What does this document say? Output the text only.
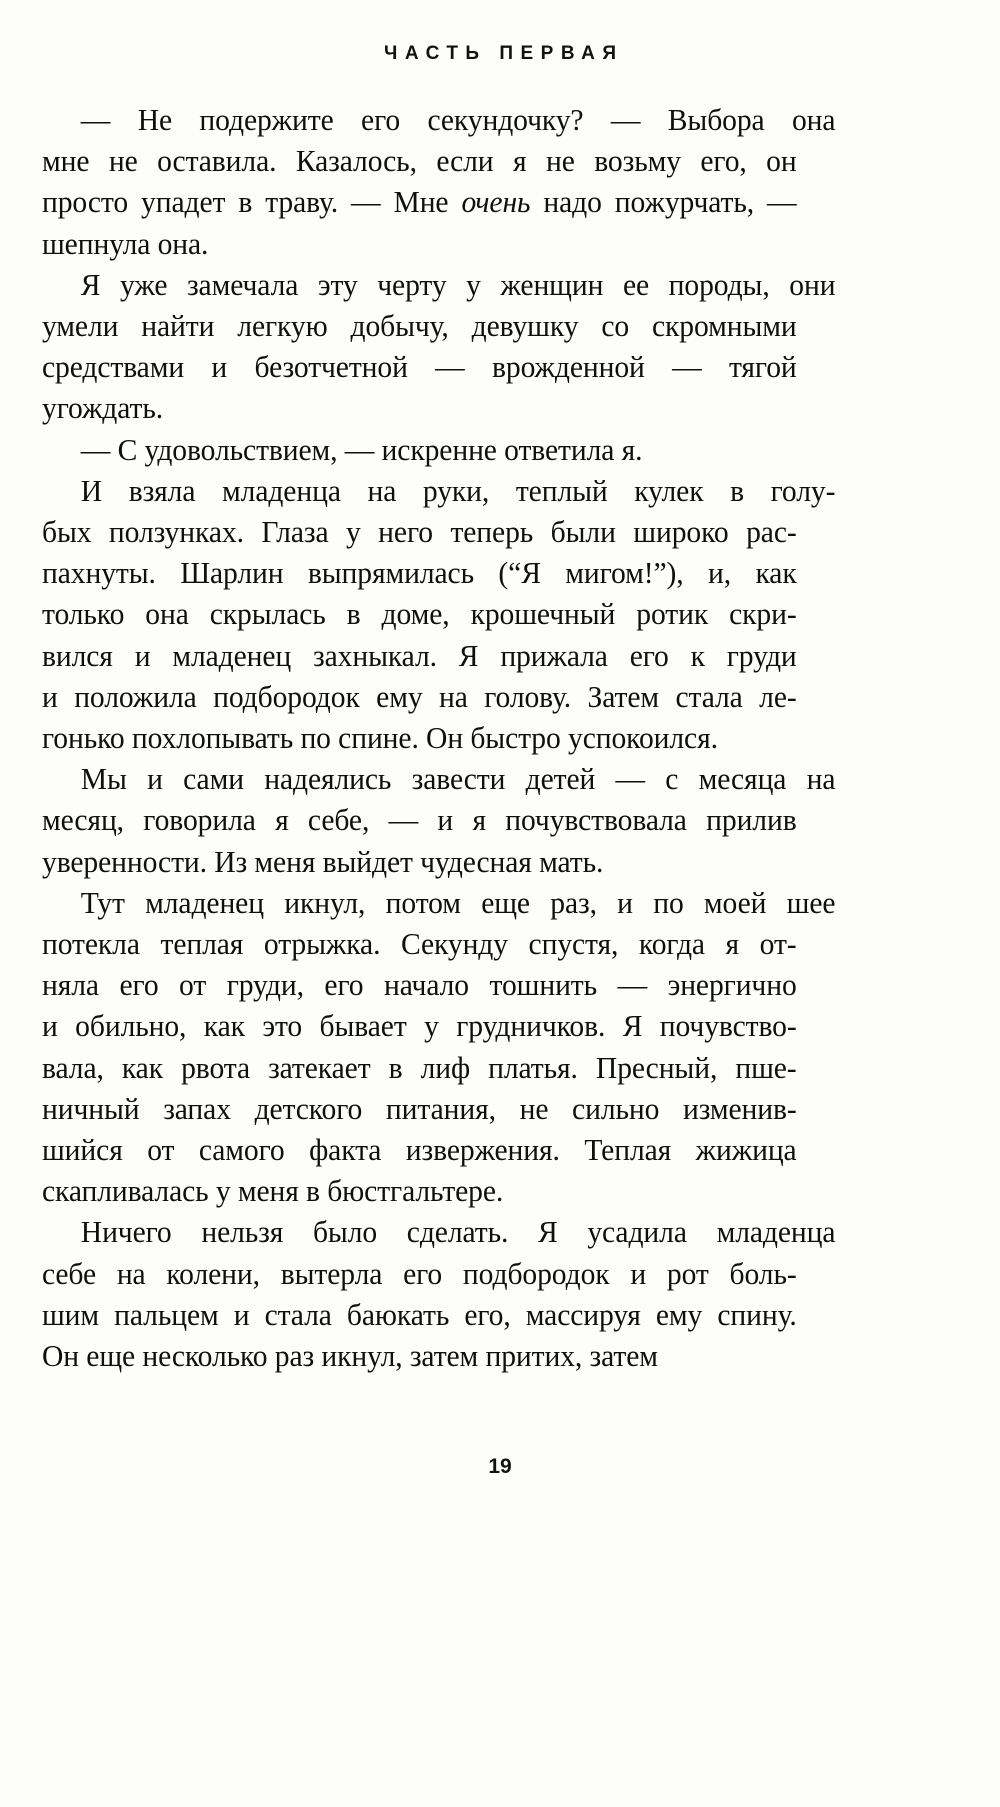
ЧАСТЬ ПЕРВАЯ

— Не подержите его секундочку? — Выбора она
мне не оставила. Казалось, если я не возьму его, он
просто упадет в траву. — Мне очень надо пожурчать, —
шепнула она.

Я уже замечала эту черту у женщин ее породы, они
умели найти легкую добычу, девушку со скромными
средствами и безотчетной — врожденной — тягой
угождать.

— С удовольствием, — искренне ответила я.

И взяла младенца на руки, теплый кулек в голу-
бых ползунках. Глаза у него теперь были широко рас-
пахнуты. Шарлин выпрямилась (“Я мигом!”), и, как
только она скрылась в доме, крошечный ротик скри-
вился и младенец захныкал. Я прижала его к груди
и положила подбородок ему на голову. Затем стала ле-
гонько похлопывать по спине. Он быстро успокоился.

Мы и сами надеялись завести детей — с месяца на
месяц, говорила я себе, — и я почувствовала прилив
уверенности. Из меня выйдет чудесная мать.

Тут младенец икнул, потом еще раз, и по моей шее
потекла теплая отрыжка. Секунду спустя, когда я от-
няла его от груди, его начало тошнить — энергично
и обильно, как это бывает у грудничков. Я почувство-
вала, как рвота затекает в лиф платья. Пресный, пше-
ничный запах детского питания, не сильно изменив-
шийся от самого факта извержения. Теплая жижица
скапливалась у меня в бюстгальтере.

Ничего нельзя было сделать. Я усадила младенца
себе на колени, вытерла его подбородок и рот боль-
шим пальцем и стала баюкать его, массируя ему спину.
Он еще несколько раз икнул, затем притих, затем

19
